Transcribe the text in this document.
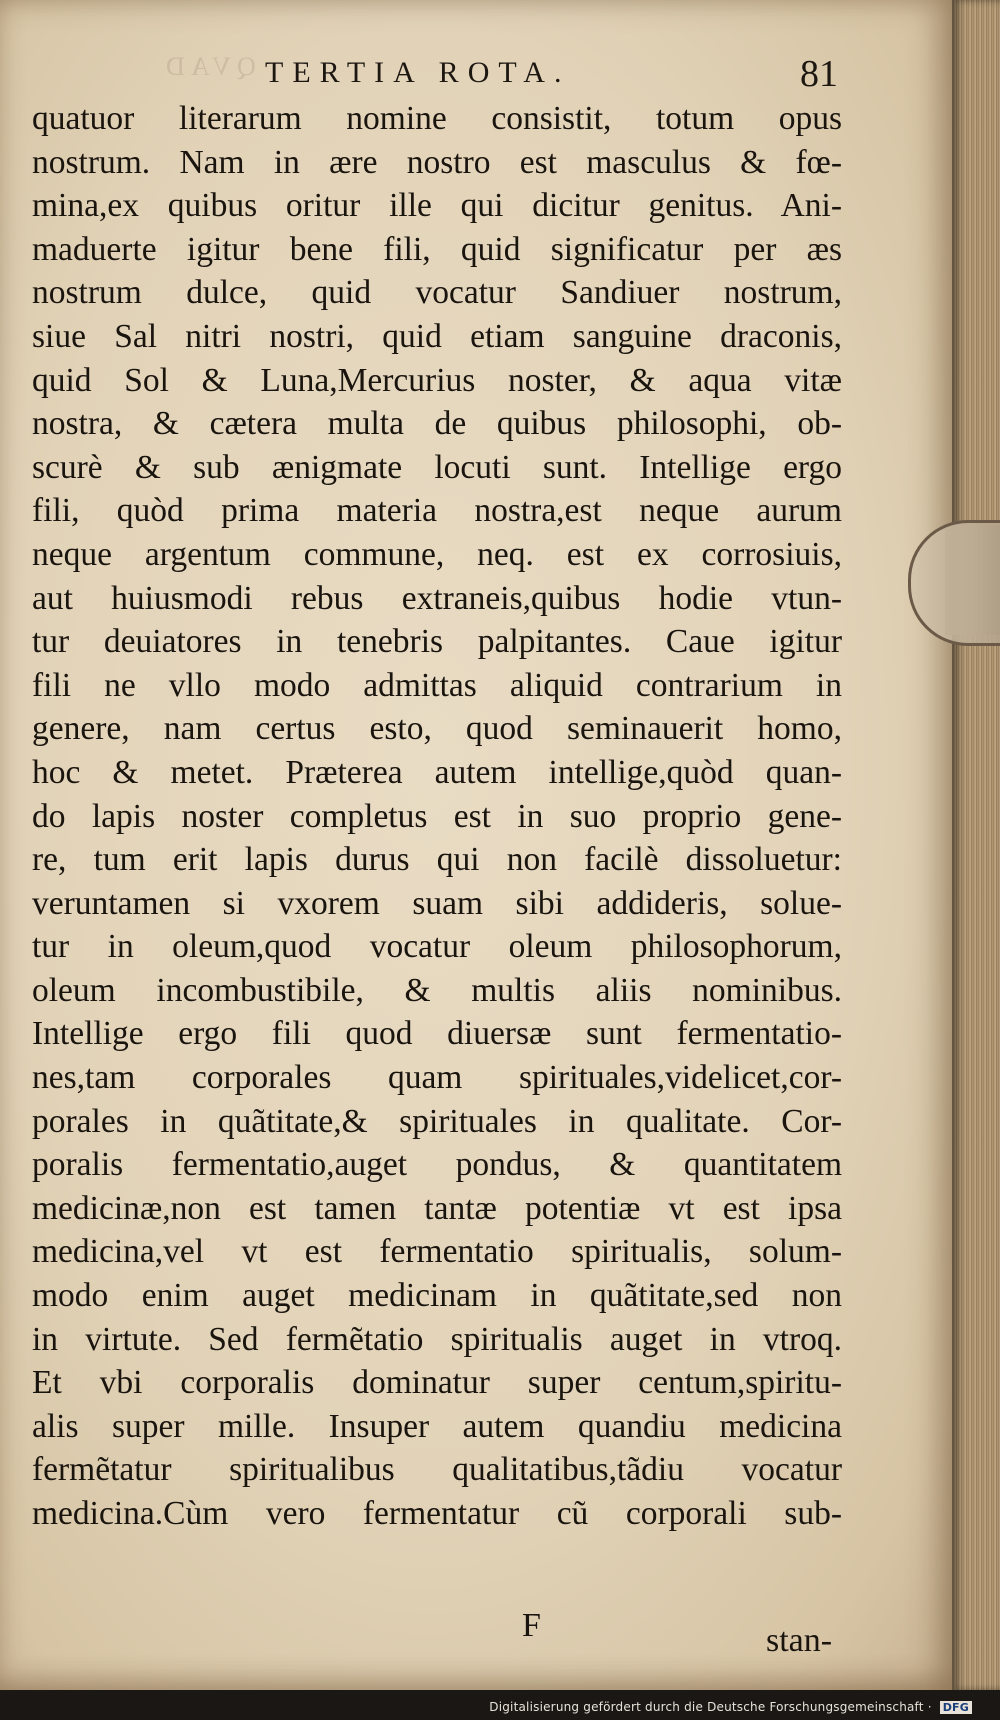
QVAD TERTIA ROTA.	81
quatuor literarum nomine consistit, totum opus
nostrum. Nam in ære nostro est masculus & fœ-
mina,ex quibus oritur ille qui dicitur genitus. Ani-
maduerte igitur bene fili, quid significatur per æs
nostrum dulce, quid vocatur Sandiuer nostrum,
siue Sal nitri nostri, quid etiam sanguine draconis,
quid Sol & Luna,Mercurius noster, & aqua vitæ
nostra, & cætera multa de quibus philosophi, ob-
scurè & sub ænigmate locuti sunt. Intellige ergo
fili, quòd prima materia nostra,est neque aurum
neque argentum commune, neq. est ex corrosiuis,
aut huiusmodi rebus extraneis,quibus hodie vtun-
tur deuiatores in tenebris palpitantes. Caue igitur
fili ne vllo modo admittas aliquid contrarium in
genere, nam certus esto, quod seminauerit homo,
hoc & metet. Præterea autem intellige,quòd quan-
do lapis noster completus est in suo proprio gene-
re, tum erit lapis durus qui non facilè dissoluetur:
veruntamen si vxorem suam sibi addideris, solue-
tur in oleum,quod vocatur oleum philosophorum,
oleum incombustibile, & multis aliis nominibus.
Intellige ergo fili quod diuersæ sunt fermentatio-
nes,tam corporales quam spirituales,videlicet,cor-
porales in quãtitate,& spirituales in qualitate. Cor-
poralis fermentatio,auget pondus, & quantitatem
medicinæ,non est tamen tantæ potentiæ vt est ipsa
medicina,vel vt est fermentatio spiritualis, solum-
modo enim auget medicinam in quãtitate,sed non
in virtute. Sed fermẽtatio spiritualis auget in vtroq.
Et vbi corporalis dominatur super centum,spiritu-
alis super mille. Insuper autem quandiu medicina
fermẽtatur spiritualibus qualitatibus,tãdiu vocatur
medicina.Cùm vero fermentatur cũ corporali sub-
F	stan-
Digitalisierung gefördert durch die Deutsche Forschungsgemeinschaft · DFG
